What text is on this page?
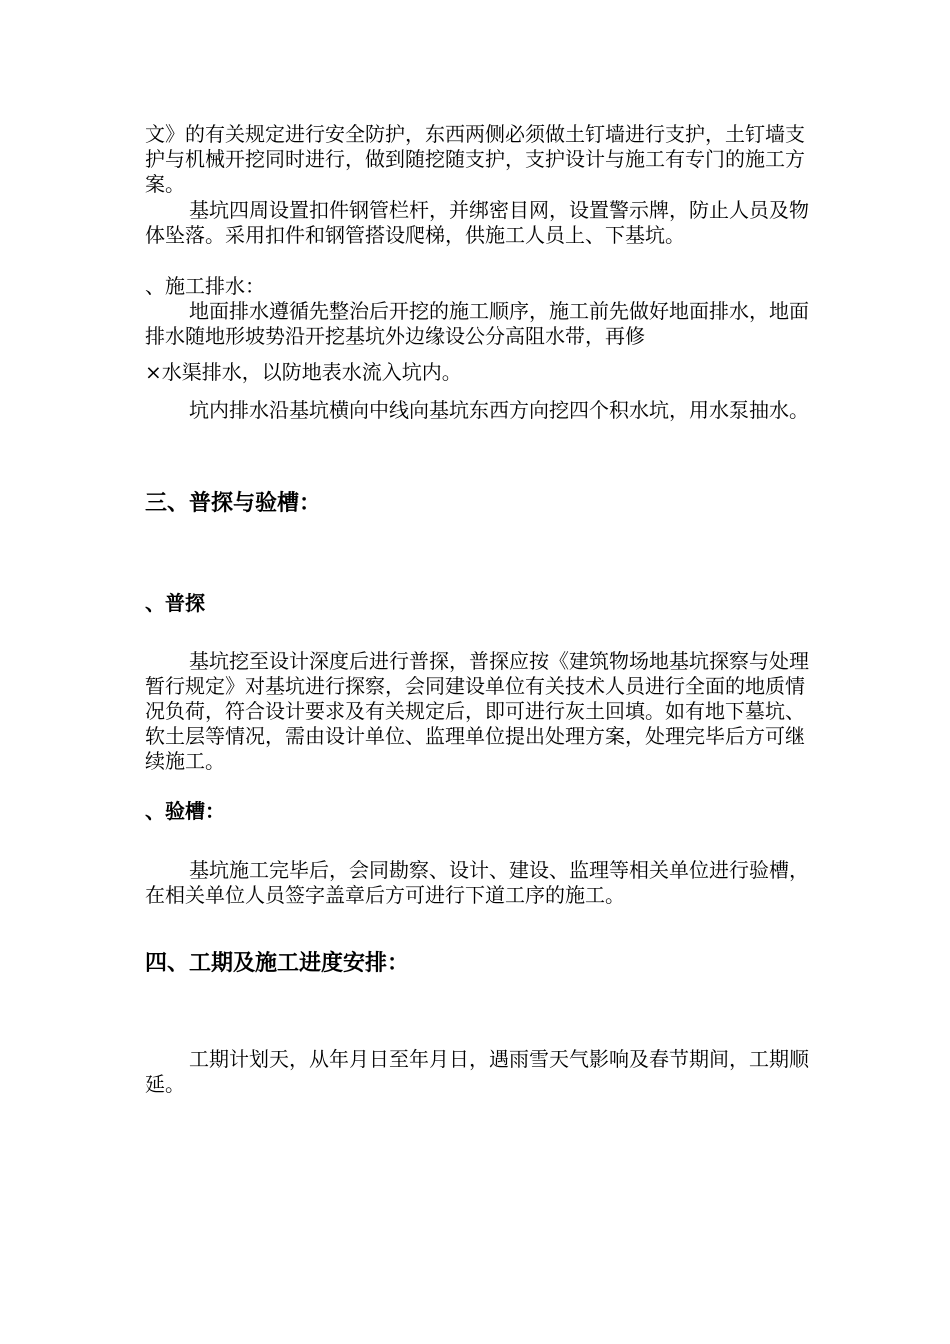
文》的有关规定进行安全防护，东西两侧必须做土钉墙进行支护，土钉墙支护与机械开挖同时进行，做到随挖随支护，支护设计与施工有专门的施工方案。

基坑四周设置扣件钢管栏杆，并绑密目网，设置警示牌，防止人员及物体坠落。采用扣件和钢管搭设爬梯，供施工人员上、下基坑。

、施工排水：

地面排水遵循先整治后开挖的施工顺序，施工前先做好地面排水，地面排水随地形坡势沿开挖基坑外边缘设公分高阻水带，再修

×水渠排水，以防地表水流入坑内。

坑内排水沿基坑横向中线向基坑东西方向挖四个积水坑，用水泵抽水。

三、普探与验槽：
、普探

基坑挖至设计深度后进行普探，普探应按《建筑物场地基坑探察与处理暂行规定》对基坑进行探察，会同建设单位有关技术人员进行全面的地质情况负荷，符合设计要求及有关规定后，即可进行灰土回填。如有地下墓坑、软土层等情况，需由设计单位、监理单位提出处理方案，处理完毕后方可继续施工。

、验槽：

基坑施工完毕后，会同勘察、设计、建设、监理等相关单位进行验槽，在相关单位人员签字盖章后方可进行下道工序的施工。

四、工期及施工进度安排：

工期计划天，从年月日至年月日，遇雨雪天气影响及春节期间，工期顺延。
